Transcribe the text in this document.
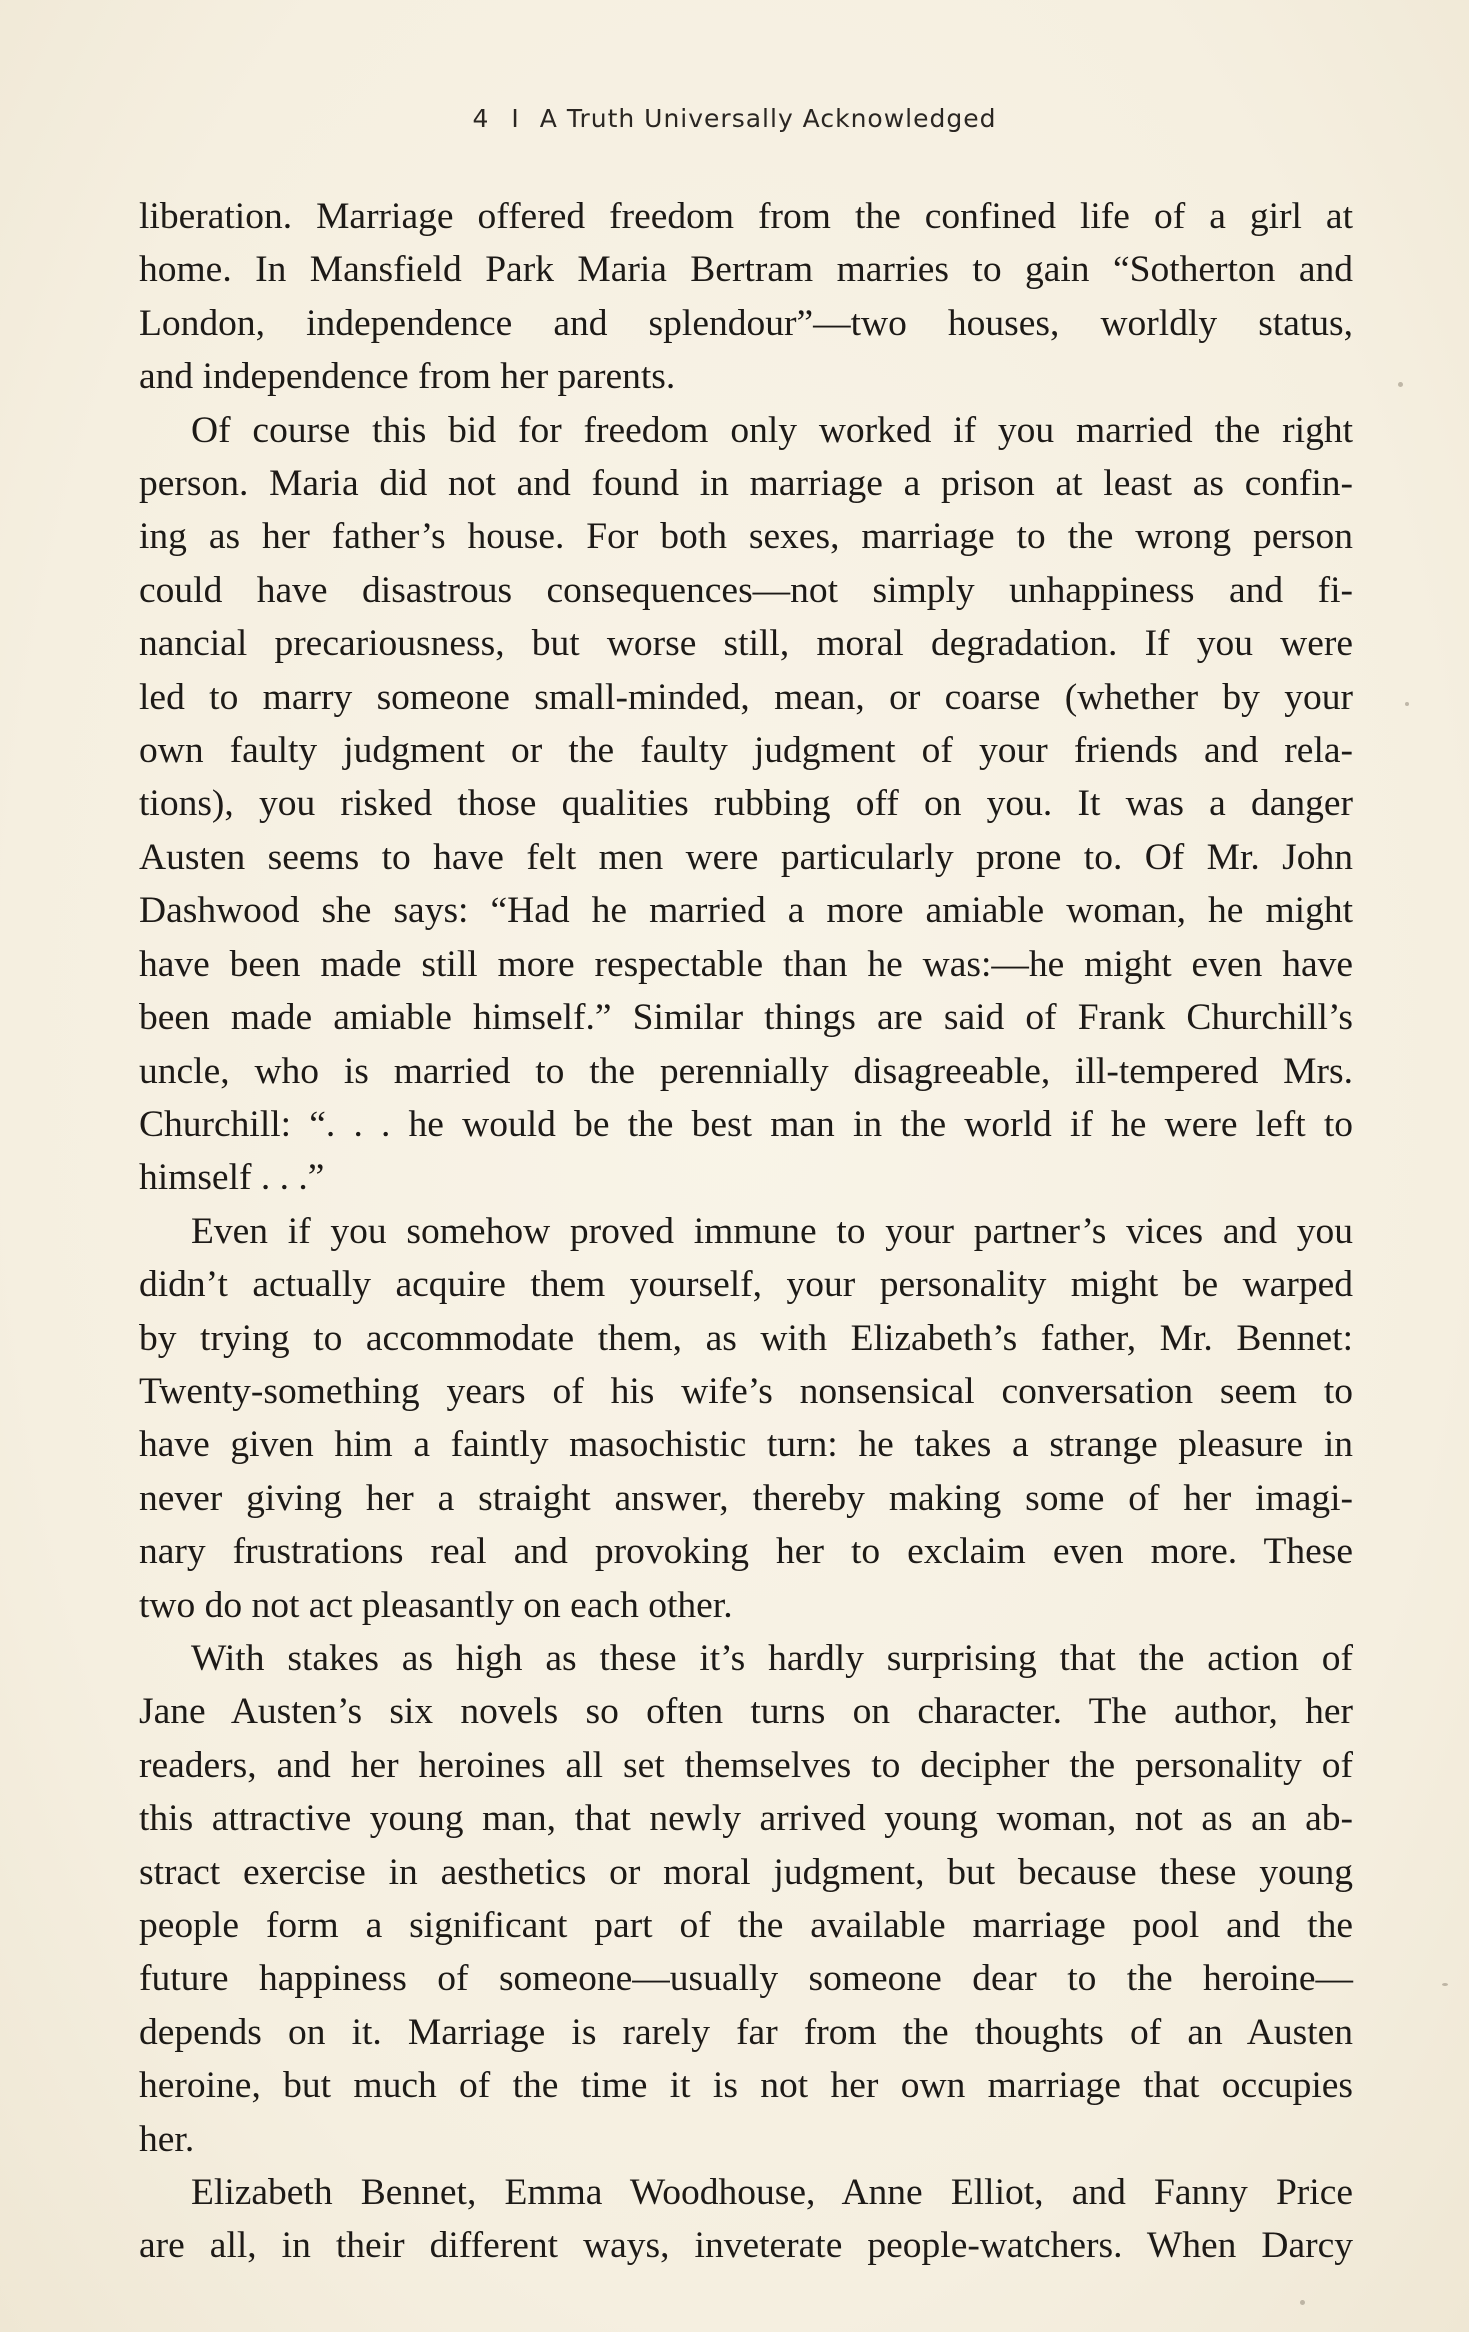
4 I A Truth Universally Acknowledged
liberation. Marriage offered freedom from the confined life of a girl at
home. In Mansfield Park Maria Bertram marries to gain “Sotherton and
London, independence and splendour”—two houses, worldly status,
and independence from her parents.
Of course this bid for freedom only worked if you married the right
person. Maria did not and found in marriage a prison at least as confin-
ing as her father’s house. For both sexes, marriage to the wrong person
could have disastrous consequences—not simply unhappiness and fi-
nancial precariousness, but worse still, moral degradation. If you were
led to marry someone small-minded, mean, or coarse (whether by your
own faulty judgment or the faulty judgment of your friends and rela-
tions), you risked those qualities rubbing off on you. It was a danger
Austen seems to have felt men were particularly prone to. Of Mr. John
Dashwood she says: “Had he married a more amiable woman, he might
have been made still more respectable than he was:—he might even have
been made amiable himself.” Similar things are said of Frank Churchill’s
uncle, who is married to the perennially disagreeable, ill-tempered Mrs.
Churchill: “. . . he would be the best man in the world if he were left to
himself . . .”
Even if you somehow proved immune to your partner’s vices and you
didn’t actually acquire them yourself, your personality might be warped
by trying to accommodate them, as with Elizabeth’s father, Mr. Bennet:
Twenty-something years of his wife’s nonsensical conversation seem to
have given him a faintly masochistic turn: he takes a strange pleasure in
never giving her a straight answer, thereby making some of her imagi-
nary frustrations real and provoking her to exclaim even more. These
two do not act pleasantly on each other.
With stakes as high as these it’s hardly surprising that the action of
Jane Austen’s six novels so often turns on character. The author, her
readers, and her heroines all set themselves to decipher the personality of
this attractive young man, that newly arrived young woman, not as an ab-
stract exercise in aesthetics or moral judgment, but because these young
people form a significant part of the available marriage pool and the
future happiness of someone—usually someone dear to the heroine—
depends on it. Marriage is rarely far from the thoughts of an Austen
heroine, but much of the time it is not her own marriage that occupies
her.
Elizabeth Bennet, Emma Woodhouse, Anne Elliot, and Fanny Price
are all, in their different ways, inveterate people-watchers. When Darcy
